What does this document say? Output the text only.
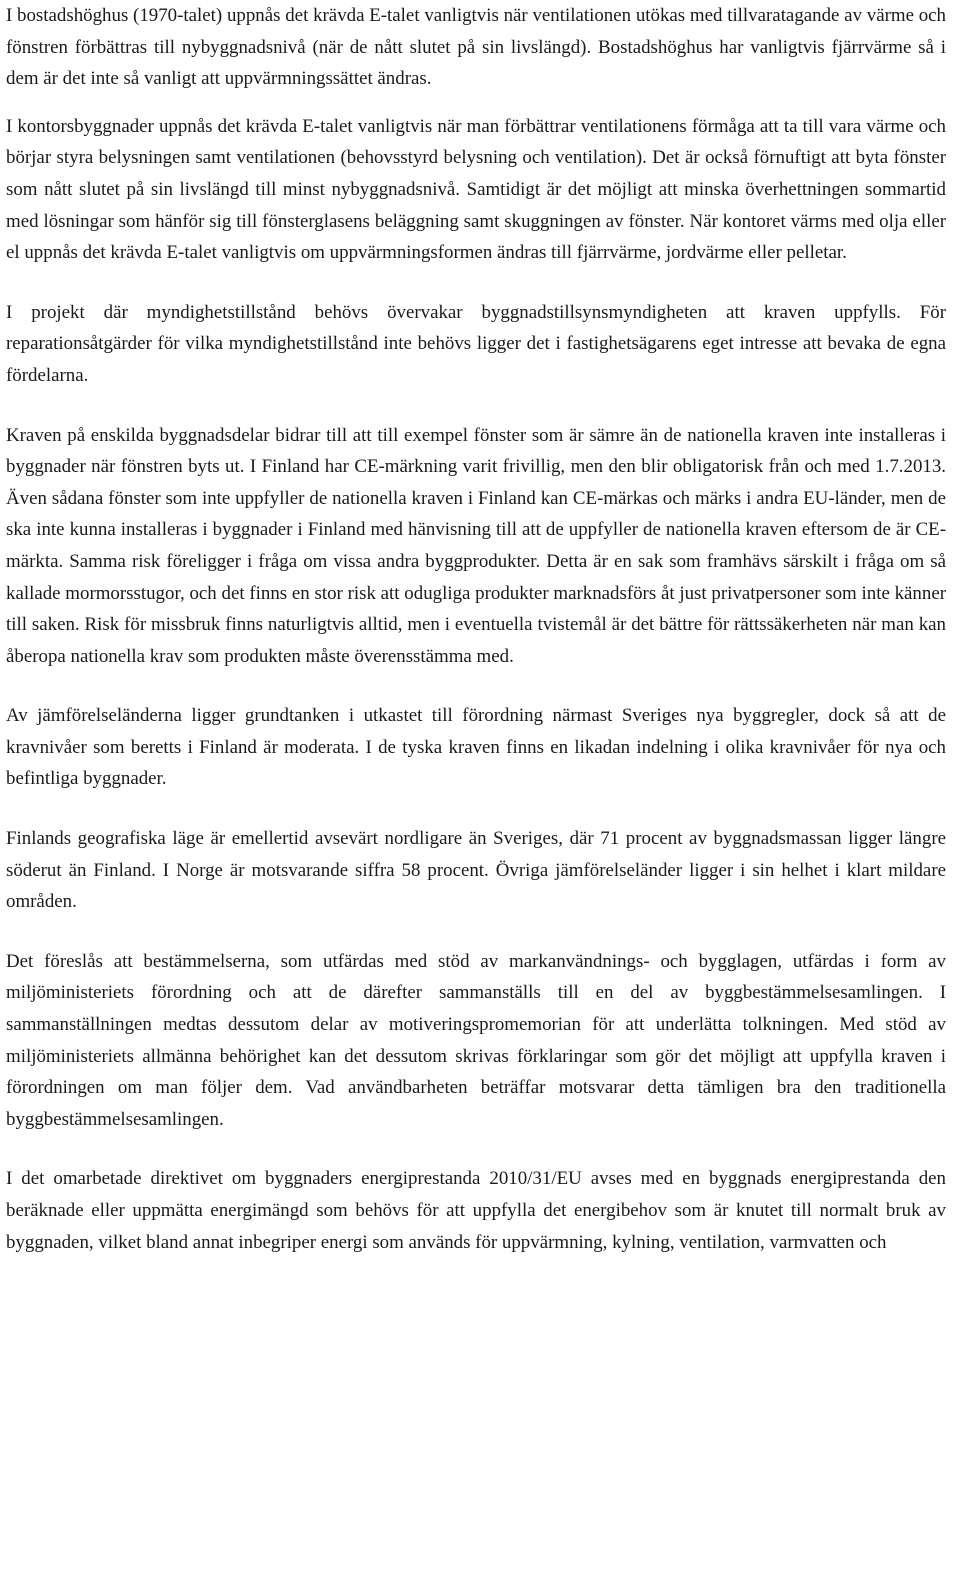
I bostadshöghus (1970-talet) uppnås det krävda E-talet vanligtvis när ventilationen utökas med tillvaratagande av värme och fönstren förbättras till nybyggnadsnivå (när de nått slutet på sin livslängd). Bostadshöghus har vanligtvis fjärrvärme så i dem är det inte så vanligt att uppvärmningssättet ändras.

I kontorsbyggnader uppnås det krävda E-talet vanligtvis när man förbättrar ventilationens förmåga att ta till vara värme och börjar styra belysningen samt ventilationen (behovsstyrd belysning och ventilation). Det är också förnuftigt att byta fönster som nått slutet på sin livslängd till minst nybyggnadsnivå. Samtidigt är det möjligt att minska överhettningen sommartid med lösningar som hänför sig till fönsterglasens beläggning samt skuggningen av fönster. När kontoret värms med olja eller el uppnås det krävda E-talet vanligtvis om uppvärmningsformen ändras till fjärrvärme, jordvärme eller pelletar.

I projekt där myndighetstillstånd behövs övervakar byggnadstillsynsmyndigheten att kraven uppfylls. För reparationsåtgärder för vilka myndighetstillstånd inte behövs ligger det i fastighetsägarens eget intresse att bevaka de egna fördelarna.

Kraven på enskilda byggnadsdelar bidrar till att till exempel fönster som är sämre än de nationella kraven inte installeras i byggnader när fönstren byts ut. I Finland har CE-märkning varit frivillig, men den blir obligatorisk från och med 1.7.2013. Även sådana fönster som inte uppfyller de nationella kraven i Finland kan CE-märkas och märks i andra EU-länder, men de ska inte kunna installeras i byggnader i Finland med hänvisning till att de uppfyller de nationella kraven eftersom de är CE-märkta. Samma risk föreligger i fråga om vissa andra byggprodukter. Detta är en sak som framhävs särskilt i fråga om så kallade mormorsstugor, och det finns en stor risk att odugliga produkter marknadsförs åt just privatpersoner som inte känner till saken. Risk för missbruk finns naturligtvis alltid, men i eventuella tvistemål är det bättre för rättssäkerheten när man kan åberopa nationella krav som produkten måste överensstämma med.

Av jämförelseländerna ligger grundtanken i utkastet till förordning närmast Sveriges nya byggregler, dock så att de kravnivåer som beretts i Finland är moderata. I de tyska kraven finns en likadan indelning i olika kravnivåer för nya och befintliga byggnader.

Finlands geografiska läge är emellertid avsevärt nordligare än Sveriges, där 71 procent av byggnadsmassan ligger längre söderut än Finland. I Norge är motsvarande siffra 58 procent. Övriga jämförelseländer ligger i sin helhet i klart mildare områden.

Det föreslås att bestämmelserna, som utfärdas med stöd av markanvändnings- och bygglagen, utfärdas i form av miljöministeriets förordning och att de därefter sammanställs till en del av byggbestämmelsesamlingen. I sammanställningen medtas dessutom delar av motiveringspromemorian för att underlätta tolkningen. Med stöd av miljöministeriets allmänna behörighet kan det dessutom skrivas förklaringar som gör det möjligt att uppfylla kraven i förordningen om man följer dem. Vad användbarheten beträffar motsvarar detta tämligen bra den traditionella byggbestämmelsesamlingen.

I det omarbetade direktivet om byggnaders energiprestanda 2010/31/EU avses med en byggnads energiprestanda den beräknade eller uppmätta energimängd som behövs för att uppfylla det energibehov som är knutet till normalt bruk av byggnaden, vilket bland annat inbegriper energi som används för uppvärmning, kylning, ventilation, varmvatten och
